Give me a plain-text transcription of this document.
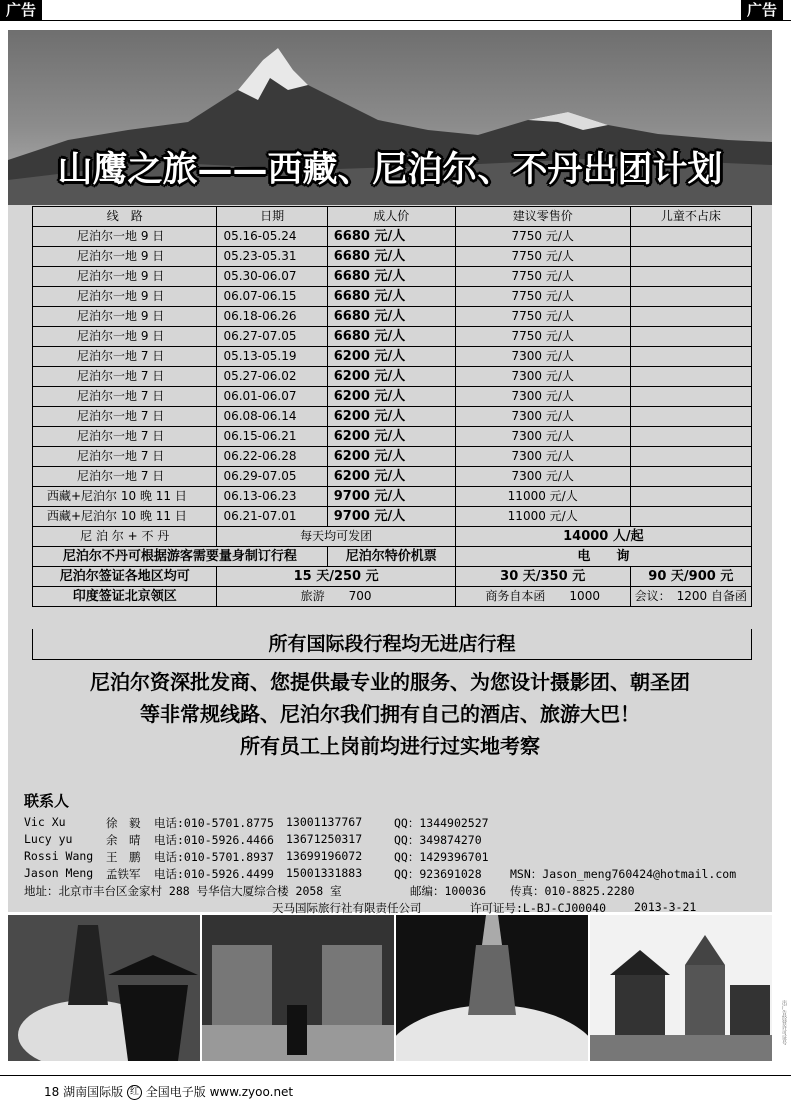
广告	广告
山鹰之旅——西藏、尼泊尔、不丹出团计划
线　路	日期	成人价	建议零售价	儿童不占床
尼泊尔一地 9 日	05.16-05.24	6680 元/人	7750 元/人	
尼泊尔一地 9 日	05.23-05.31	6680 元/人	7750 元/人	
尼泊尔一地 9 日	05.30-06.07	6680 元/人	7750 元/人	
尼泊尔一地 9 日	06.07-06.15	6680 元/人	7750 元/人	
尼泊尔一地 9 日	06.18-06.26	6680 元/人	7750 元/人	
尼泊尔一地 9 日	06.27-07.05	6680 元/人	7750 元/人	
尼泊尔一地 7 日	05.13-05.19	6200 元/人	7300 元/人	
尼泊尔一地 7 日	05.27-06.02	6200 元/人	7300 元/人	
尼泊尔一地 7 日	06.01-06.07	6200 元/人	7300 元/人	
尼泊尔一地 7 日	06.08-06.14	6200 元/人	7300 元/人	
尼泊尔一地 7 日	06.15-06.21	6200 元/人	7300 元/人	
尼泊尔一地 7 日	06.22-06.28	6200 元/人	7300 元/人	
尼泊尔一地 7 日	06.29-07.05	6200 元/人	7300 元/人	
西藏+尼泊尔 10 晚 11 日	06.13-06.23	9700 元/人	11000 元/人	
西藏+尼泊尔 10 晚 11 日	06.21-07.01	9700 元/人	11000 元/人	
尼 泊 尔 + 不 丹	每天均可发团		14000 人/起	
尼泊尔不丹可根据游客需要量身制订行程		尼泊尔特价机票	电　　询	
尼泊尔签证各地区均可	15 天/250 元		30 天/350 元	90 天/900 元
印度签证北京领区	旅游　　700		商务自本函　　1000	会议：　1200 自备函
所有国际段行程均无进店行程
尼泊尔资深批发商、您提供最专业的服务、为您设计摄影团、朝圣团
等非常规线路、尼泊尔我们拥有自己的酒店、旅游大巴！
所有员工上岗前均进行过实地考察
联系人
Vic Xu	徐　毅 电话:010-5701.8775 13001137767	QQ：1344902527
Lucy yu	余　晴 电话:010-5926.4466 13671250317	QQ：349874270
Rossi Wang 王　鹏 电话:010-5701.8937 13699196072	QQ：1429396701
Jason Meng 孟铁军 电话:010-5926.4499 15001331883	QQ：923691028 MSN：Jason_meng760424@hotmail.com
地址：北京市丰台区金家村 288 号华信大厦综合楼 2058 室	邮编：100036 传真：010-8825.2280
天马国际旅行社有限责任公司	许可证号:L-BJ-CJ00040 2013-3-21
出广告经营许可证号
18 湖南国际版 红 全国电子版 www.zyoo.net
